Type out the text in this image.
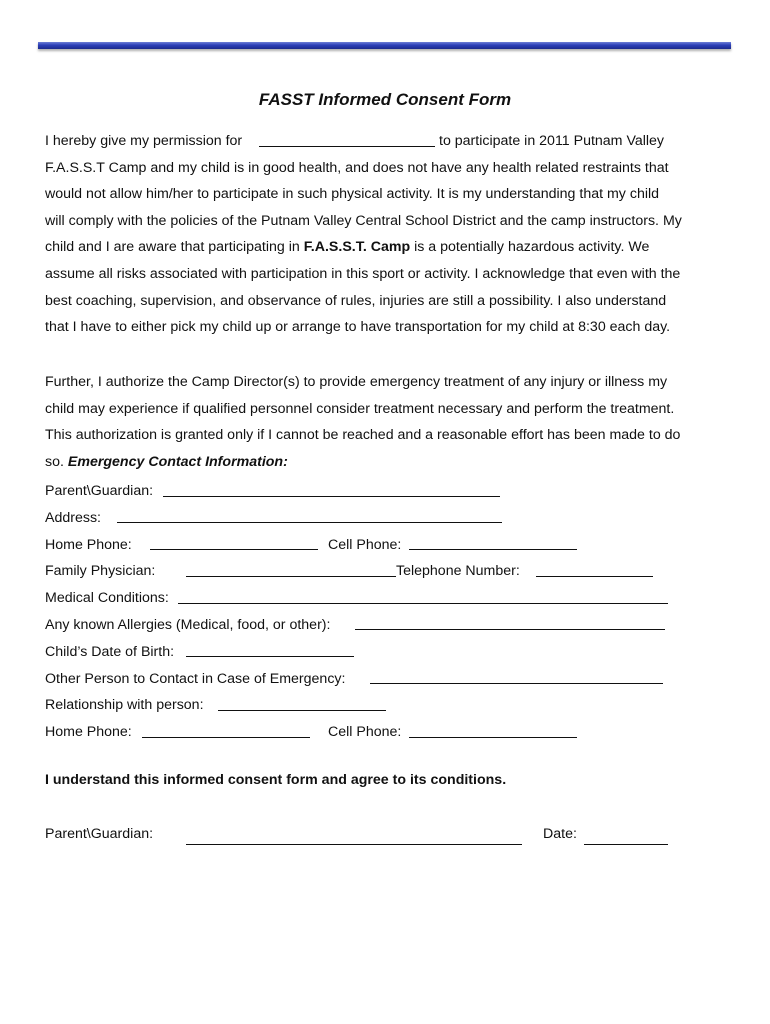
FASST Informed Consent Form
I hereby give my permission for	to participate in 2011 Putnam Valley
F.A.S.S.T Camp and my child is in good health, and does not have any health related restraints that
would not allow him/her to participate in such physical activity. It is my understanding that my child
will comply with the policies of the Putnam Valley Central School District and the camp instructors. My
child and I are aware that participating in F.A.S.S.T. Camp is a potentially hazardous activity. We
assume all risks associated with participation in this sport or activity. I acknowledge that even with the
best coaching, supervision, and observance of rules, injuries are still a possibility. I also understand
that I have to either pick my child up or arrange to have transportation for my child at 8:30 each day.
Further, I authorize the Camp Director(s) to provide emergency treatment of any injury or illness my
child may experience if qualified personnel consider treatment necessary and perform the treatment.
This authorization is granted only if I cannot be reached and a reasonable effort has been made to do
so. Emergency Contact Information:
Parent\Guardian:
Address:
Home Phone:	Cell Phone:
Family Physician:	Telephone Number:
Medical Conditions:
Any known Allergies (Medical, food, or other):
Child’s Date of Birth:
Other Person to Contact in Case of Emergency:
Relationship with person:
Home Phone:	Cell Phone:
I understand this informed consent form and agree to its conditions.
Parent\Guardian:	Date:
